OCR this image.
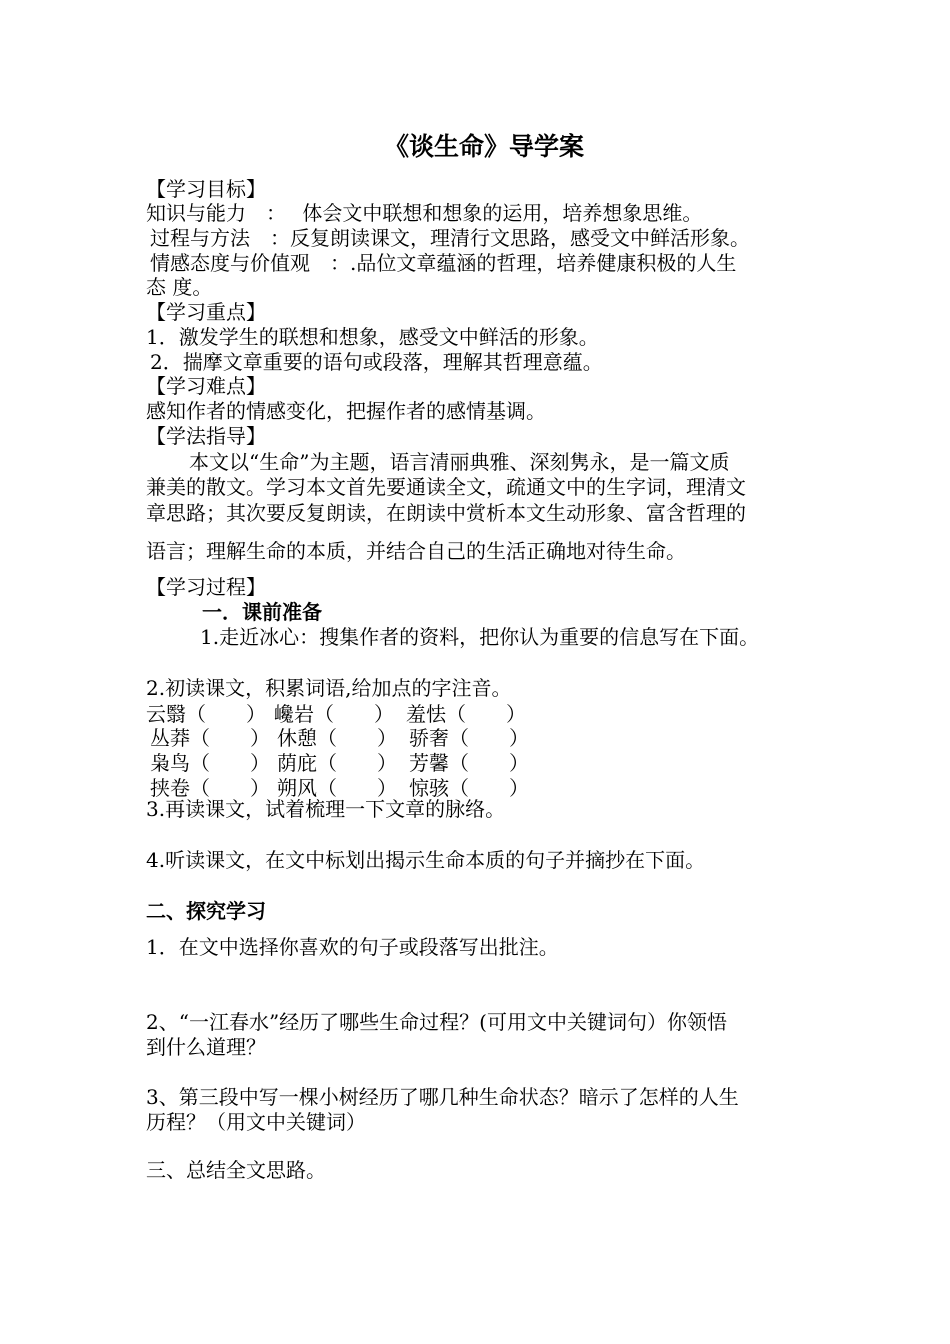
《谈生命》导学案
【学习目标】
知识与能力　：　 体会文中联想和想象的运用，培养想象思维。
过程与方法　：反复朗读课文，理清行文思路，感受文中鲜活形象。
情感态度与价值观　：.品位文章蕴涵的哲理，培养健康积极的人生
态 度。
【学习重点】
1．激发学生的联想和想象，感受文中鲜活的形象。
2．揣摩文章重要的语句或段落，理解其哲理意蕴。
【学习难点】
感知作者的情感变化，把握作者的感情基调。
【学法指导】
本文以“生命”为主题，语言清丽典雅、深刻隽永，是一篇文质
兼美的散文。学习本文首先要通读全文，疏通文中的生字词，理清文
章思路；其次要反复朗读，在朗读中赏析本文生动形象、富含哲理的
语言；理解生命的本质，并结合自己的生活正确地对待生命。
【学习过程】
一．课前准备
1.走近冰心：搜集作者的资料，把你认为重要的信息写在下面。
2.初读课文，积累词语,给加点的字注音。
云翳（　　） 巉岩（　　） 羞怯（　　）
丛莽（　　） 休憩（　　） 骄奢（　　）
枭鸟（　　） 荫庇（　　） 芳馨（　　）
挟卷（　　） 朔风（　　） 惊骇（　　）
3.再读课文，试着梳理一下文章的脉络。
4.听读课文，在文中标划出揭示生命本质的句子并摘抄在下面。
二、探究学习
1．在文中选择你喜欢的句子或段落写出批注。
2、“一江春水”经历了哪些生命过程？(可用文中关键词句）你领悟
到什么道理？
3、第三段中写一棵小树经历了哪几种生命状态？暗示了怎样的人生
历程？（用文中关键词）
三、总结全文思路。
